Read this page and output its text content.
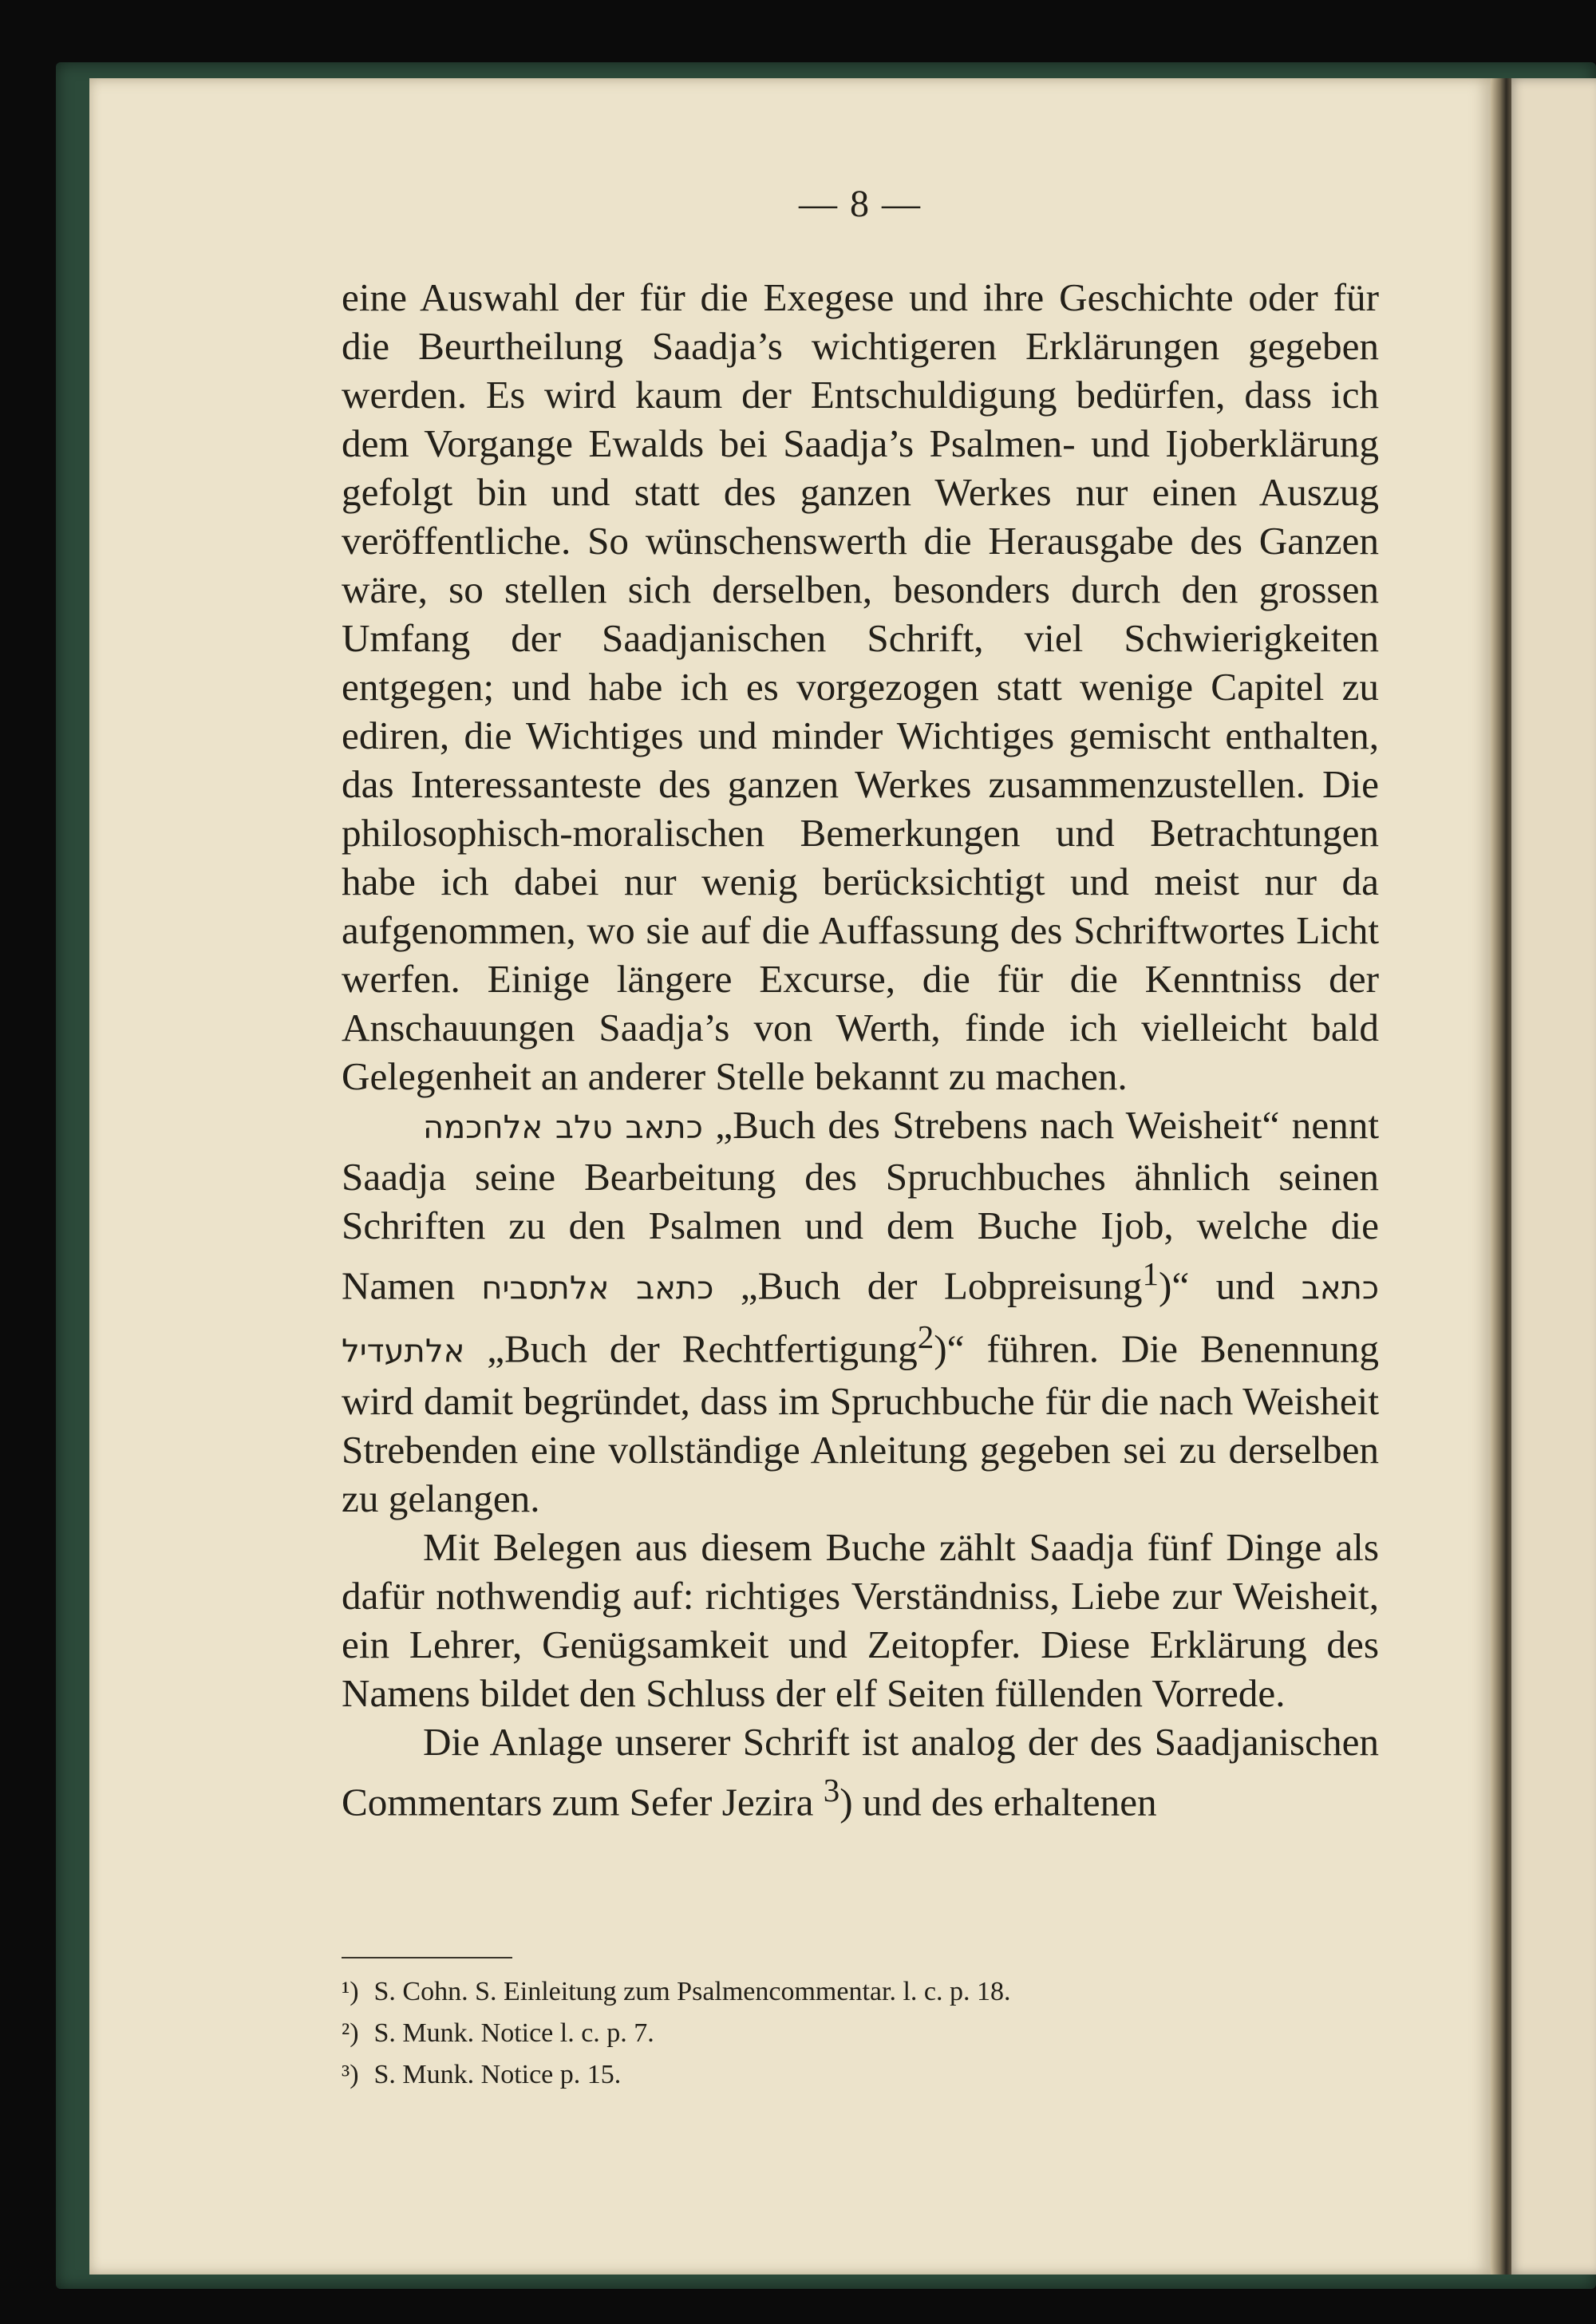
— 8 —

eine Auswahl der für die Exegese und ihre Geschichte oder für die Beurtheilung Saadja’s wichtigeren Erklärungen gegeben werden. Es wird kaum der Entschuldigung bedürfen, dass ich dem Vorgange Ewalds bei Saadja’s Psalmen- und Ijoberklärung gefolgt bin und statt des ganzen Werkes nur einen Auszug veröffentliche. So wünschenswerth die Herausgabe des Ganzen wäre, so stellen sich derselben, besonders durch den grossen Umfang der Saadjanischen Schrift, viel Schwierigkeiten entgegen; und habe ich es vorgezogen statt wenige Capitel zu ediren, die Wichtiges und minder Wichtiges gemischt enthalten, das Interessanteste des ganzen Werkes zusammenzustellen. Die philosophisch-moralischen Bemerkungen und Betrachtungen habe ich dabei nur wenig berücksichtigt und meist nur da aufgenommen, wo sie auf die Auffassung des Schriftwortes Licht werfen. Einige längere Excurse, die für die Kenntniss der Anschauungen Saadja’s von Werth, finde ich vielleicht bald Gelegenheit an anderer Stelle bekannt zu machen.

כתאב טלב אלחכמה „Buch des Strebens nach Weisheit“ nennt Saadja seine Bearbeitung des Spruchbuches ähnlich seinen Schriften zu den Psalmen und dem Buche Ijob, welche die Namen כתאב אלתסביח „Buch der Lobpreisung$^1$)“ und כתאב אלתעדיל „Buch der Rechtfertigung$^2$)“ führen. Die Benennung wird damit begründet, dass im Spruchbuche für die nach Weisheit Strebenden eine vollständige Anleitung gegeben sei zu derselben zu gelangen.

Mit Belegen aus diesem Buche zählt Saadja fünf Dinge als dafür nothwendig auf: richtiges Verständniss, Liebe zur Weisheit, ein Lehrer, Genügsamkeit und Zeitopfer. Diese Erklärung des Namens bildet den Schluss der elf Seiten füllenden Vorrede.

Die Anlage unserer Schrift ist analog der des Saadjanischen Commentars zum Sefer Jezira $^3$) und des erhaltenen

¹) S. Cohn. S. Einleitung zum Psalmencommentar. l. c. p. 18.
²) S. Munk. Notice l. c. p. 7.
³) S. Munk. Notice p. 15.
